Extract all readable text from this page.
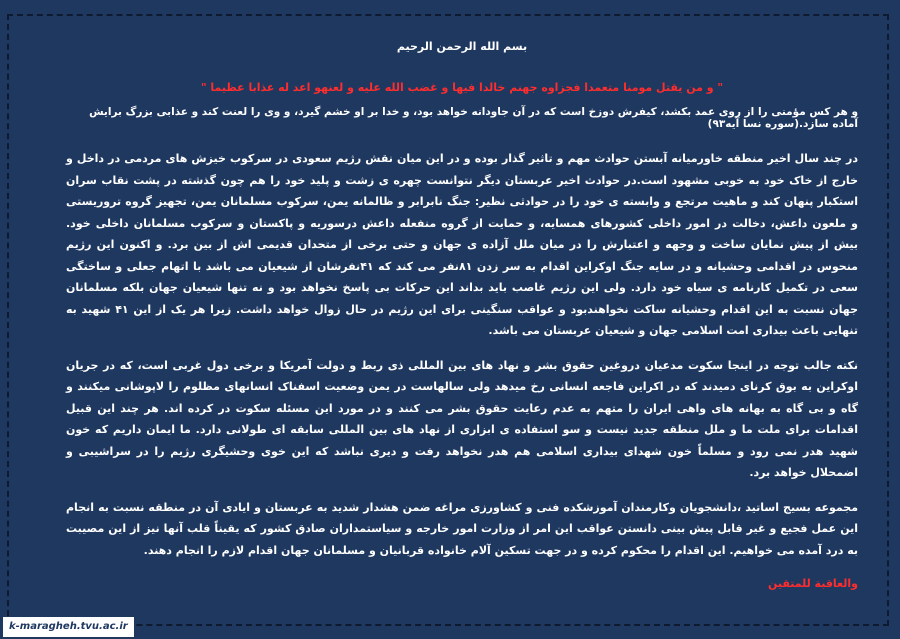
بسم الله الرحمن الرحیم
" و من یقتل مومنا متعمدا فجزاوه جهنم خالدا فیها و غضب الله علیه و لعنهو اعد له عذابا عظیما "
و هر کس مؤمنی را از روی عمد بکشد، کیفرش دوزخ است که در آن جاودانه خواهد بود، و خدا بر او خشم گیرد، و وی را لعنت کند و عذابی بزرگ برایش آماده سازد.(سوره نسا آیه۹۳)

در چند سال اخیر منطقه خاورمیانه آبستن حوادث مهم و تاثیر گذار بوده و در این میان نقش رژیم سعودی در سرکوب خیزش های مردمی در داخل و خارج از خاک خود به خوبی مشهود است.در حوادث اخیر عربستان دیگر نتوانست چهره ی زشت و پلید خود را هم چون گذشته در پشت نقاب سران استکبار پنهان کند و ماهیت مرتجع و وابسته ی خود را در حوادثی نظیر: جنگ نابرابر و ظالمانه یمن، سرکوب مسلمانان یمن، تجهیز گروه تروریستی و ملعون داعش، دخالت در امور داخلی کشورهای همسایه، و حمایت از گروه منفعله داعش درسوریه و پاکستان و سرکوب مسلمانان داخلی خود. بیش از پیش نمایان ساخت و وجهه و اعتبارش را در میان ملل آزاده ی جهان و حتی برخی از متحدان قدیمی اش از بین برد. و اکنون این رژیم منحوس در اقدامی وحشیانه و در سایه جنگ اوکراین اقدام به سر زدن ۸۱نفر می کند که ۴۱نفرشان از شیعیان می باشد با اتهام جعلی و ساختگی سعی در تکمیل کارنامه ی سیاه خود دارد. ولی این رژیم غاصب باید بداند این حرکات بی پاسخ نخواهد بود و نه تنها شیعیان جهان بلکه مسلمانان جهان نسبت به این اقدام وحشیانه ساکت نخواهندبود و عواقب سنگینی برای این رژیم در حال زوال خواهد داشت. زیرا هر یک از این ۴۱ شهید به تنهایی باعث بیداری امت اسلامی جهان و شیعیان عربستان می باشد.

نکته جالب توجه در اینجا سکوت مدعیان دروغین حقوق بشر و نهاد های بین المللی ذی ربط و دولت آمریکا و برخی دول غربی است، که در جریان اوکراین به بوق کرنای دمیدند که در اکراین فاجعه انسانی رخ میدهد ولی سالهاست در یمن وضعیت اسفناک انسانهای مظلوم را لاپوشانی میکنند و گاه و بی گاه به بهانه های واهی ایران را متهم به عدم رعایت حقوق بشر می کنند و در مورد این مسئله سکوت در کرده اند. هر چند این قبیل اقدامات برای ملت ما و ملل منطقه جدید نیست و سو استفاده ی ابزاری از نهاد های بین المللی سابقه ای طولانی دارد. ما ایمان داریم که خون شهید هدر نمی رود و مسلماً خون شهدای بیداری اسلامی هم هدر نخواهد رفت و دیری نباشد که این خوی وحشیگری رژیم را در سراشیبی و اضمحلال خواهد برد.

مجموعه بسیج اساتید ،دانشجویان وکارمندان آموزشکده فنی و کشاورزی مراغه ضمن هشدار شدید به عربستان و ایادی آن در منطقه نسبت به انجام این عمل فجیع و غیر قابل پیش بینی دانستن عواقب این امر از وزارت امور خارجه و سیاستمداران صادق کشور که یقیناً قلب آنها نیز از این مصیبت به درد آمده می خواهیم. این اقدام را محکوم کرده و در جهت تسکین آلام خانواده قربانیان و مسلمانان جهان اقدام لازم را انجام دهند.

والعاقبة للمتقین
k-maragheh.tvu.ac.ir
